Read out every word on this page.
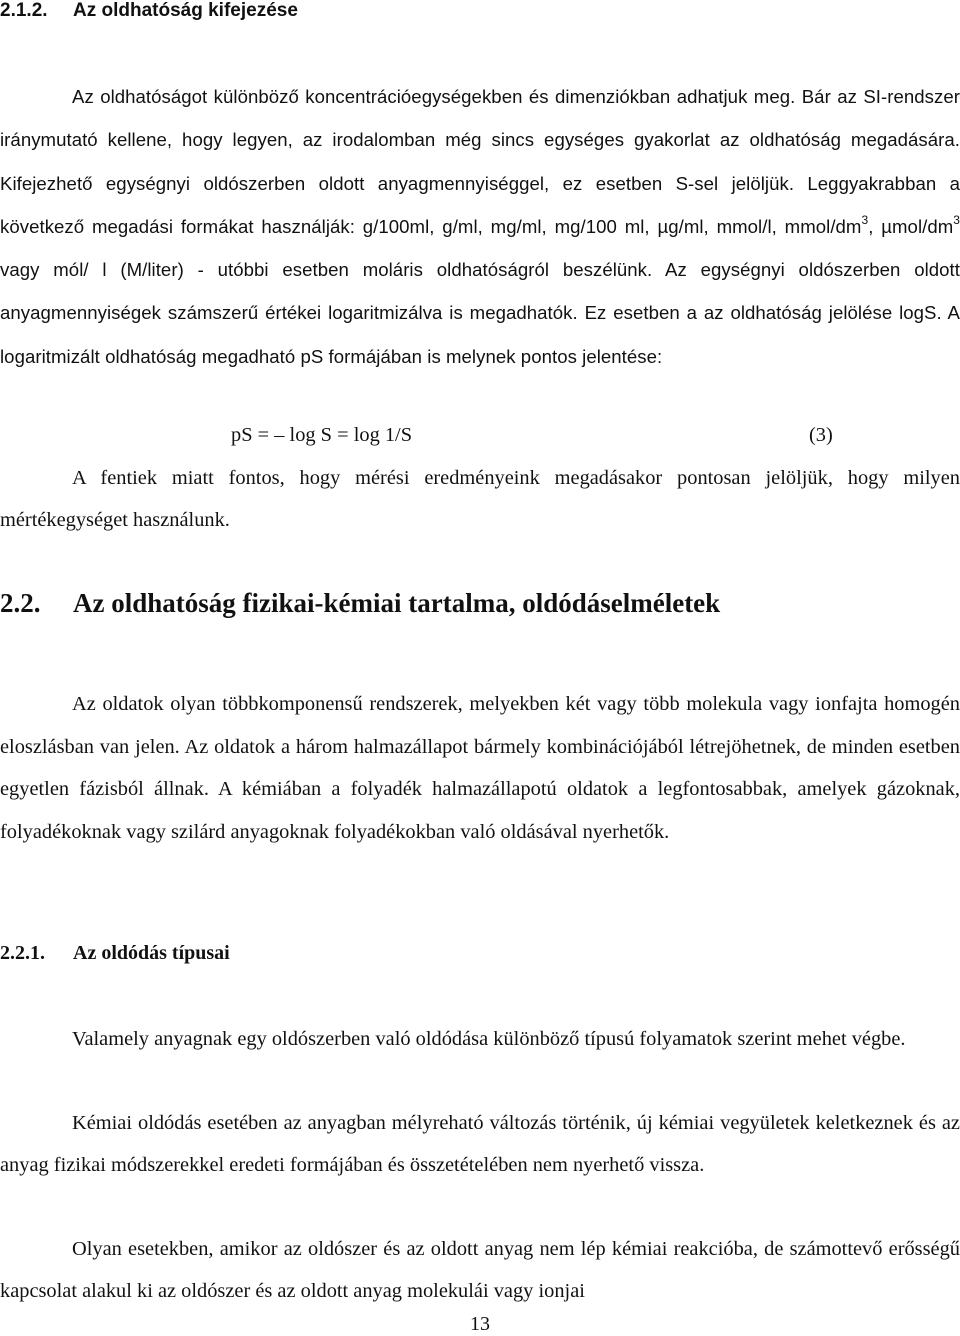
2.1.2. Az oldhatóság kifejezése

Az oldhatóságot különböző koncentrációegységekben és dimenziókban adhatjuk meg. Bár az SI-rendszer iránymutató kellene, hogy legyen, az irodalomban még sincs egységes gyakorlat az oldhatóság megadására. Kifejezhető egységnyi oldószerben oldott anyagmennyiséggel, ez esetben S-sel jelöljük. Leggyakrabban a következő megadási formákat használják: g/100ml, g/ml, mg/ml, mg/100 ml, µg/ml, mmol/l, mmol/$dm^3$, µmol/$dm^3$ vagy mól/ l (M/liter) - utóbbi esetben moláris oldhatóságról beszélünk. Az egységnyi oldószerben oldott anyagmennyiségek számszerű értékei logaritmizálva is megadhatók. Ez esetben a az oldhatóság jelölése logS. A logaritmizált oldhatóság megadható pS formájában is melynek pontos jelentése:

pS = – log S = log 1/S	(3)

A fentiek miatt fontos, hogy mérési eredményeink megadásakor pontosan jelöljük, hogy milyen mértékegységet használunk.

2.2. Az oldhatóság fizikai-kémiai tartalma, oldódáselméletek

Az oldatok olyan többkomponensű rendszerek, melyekben két vagy több molekula vagy ionfajta homogén eloszlásban van jelen. Az oldatok a három halmazállapot bármely kombinációjából létrejöhetnek, de minden esetben egyetlen fázisból állnak. A kémiában a folyadék halmazállapotú oldatok a legfontosabbak, amelyek gázoknak, folyadékoknak vagy szilárd anyagoknak folyadékokban való oldásával nyerhetők.

2.2.1. Az oldódás típusai

Valamely anyagnak egy oldószerben való oldódása különböző típusú folyamatok szerint mehet végbe.

Kémiai oldódás esetében az anyagban mélyreható változás történik, új kémiai vegyületek keletkeznek és az anyag fizikai módszerekkel eredeti formájában és összetételében nem nyerhető vissza.

Olyan esetekben, amikor az oldószer és az oldott anyag nem lép kémiai reakcióba, de számottevő erősségű kapcsolat alakul ki az oldószer és az oldott anyag molekulái vagy ionjai

13
